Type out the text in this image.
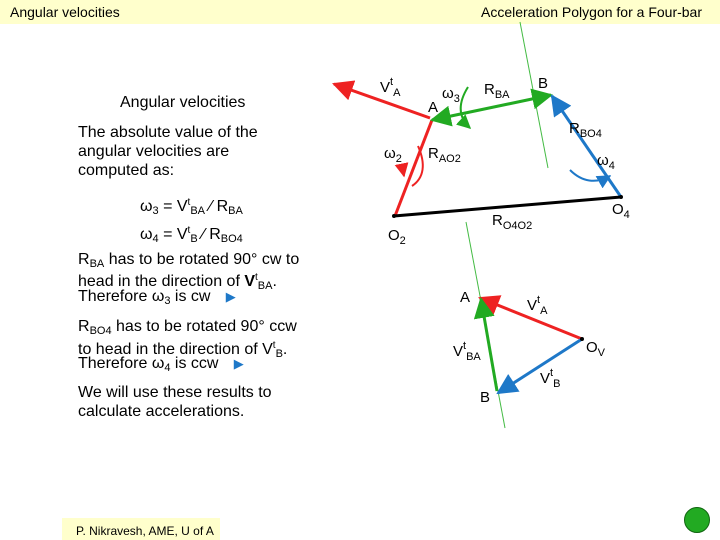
Angular velocities	Acceleration Polygon for a Four-bar
Angular velocities
The absolute value of the
angular velocities are
computed as:
$\omega_3 = V^t_{BA}$ ∕ $R_{BA}$
$\omega_4 = V^t_B$ ∕ $R_{BO4}$
$R_{BA}$ has to be rotated 90° cw to
head in the direction of $V^t_{BA}$.
Therefore $\omega_3$ is cw    ▶
$R_{BO4}$ has to be rotated 90° ccw
to head in the direction of $V^t_B$.
Therefore $\omega_4$ is ccw    ▶
We will use these results to
calculate accelerations.
$V^t_A$
A
$\omega_3$
$R_{BA}$
B
$R_{BO4}$
$\omega_2$ $R_{AO2}$	$\omega_4$
$O_4$
$R_{O4O2}$
$O_2$
A	$V^t_A$
$O_V$
$V^t_{BA}$
B
$V^t_B$
P. Nikravesh, AME, U of A
